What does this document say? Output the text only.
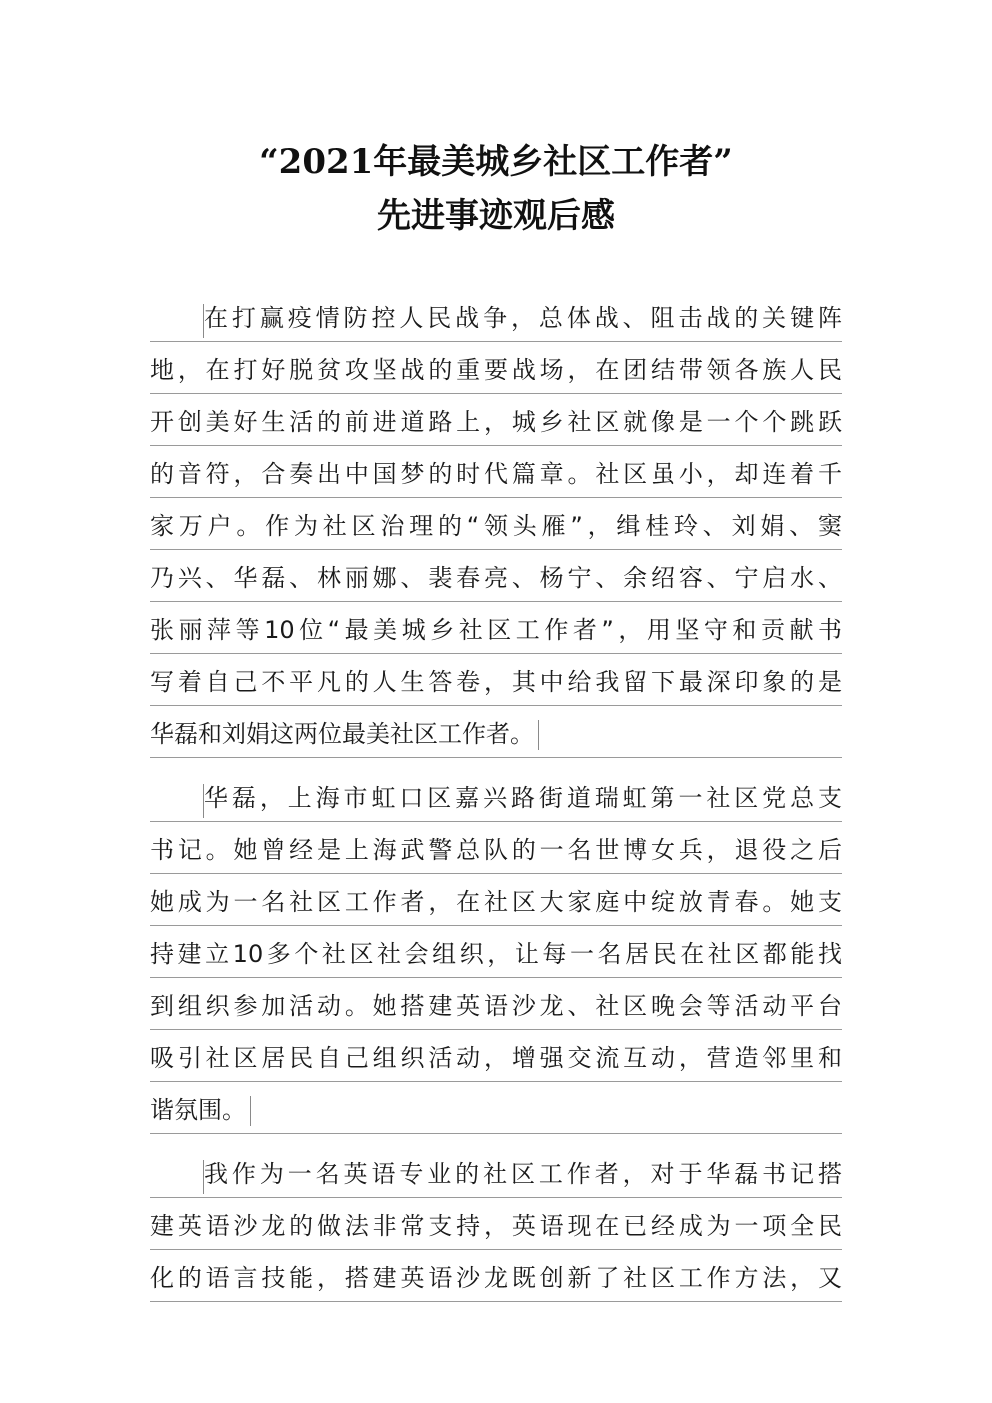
“2021年最美城乡社区工作者”
先进事迹观后感
在打赢疫情防控人民战争，总体战、阻击战的关键阵
地，在打好脱贫攻坚战的重要战场，在团结带领各族人民
开创美好生活的前进道路上，城乡社区就像是一个个跳跃
的音符，合奏出中国梦的时代篇章。社区虽小，却连着千
家万户。作为社区治理的“领头雁”，缉桂玲、刘娟、窦
乃兴、华磊、林丽娜、裴春亮、杨宁、余绍容、宁启水、
张丽萍等10位“最美城乡社区工作者”，用坚守和贡献书
写着自己不平凡的人生答卷，其中给我留下最深印象的是
华磊和刘娟这两位最美社区工作者。
华磊，上海市虹口区嘉兴路街道瑞虹第一社区党总支
书记。她曾经是上海武警总队的一名世博女兵，退役之后
她成为一名社区工作者，在社区大家庭中绽放青春。她支
持建立10多个社区社会组织，让每一名居民在社区都能找
到组织参加活动。她搭建英语沙龙、社区晚会等活动平台
吸引社区居民自己组织活动，增强交流互动，营造邻里和
谐氛围。
我作为一名英语专业的社区工作者，对于华磊书记搭
建英语沙龙的做法非常支持，英语现在已经成为一项全民
化的语言技能，搭建英语沙龙既创新了社区工作方法，又
